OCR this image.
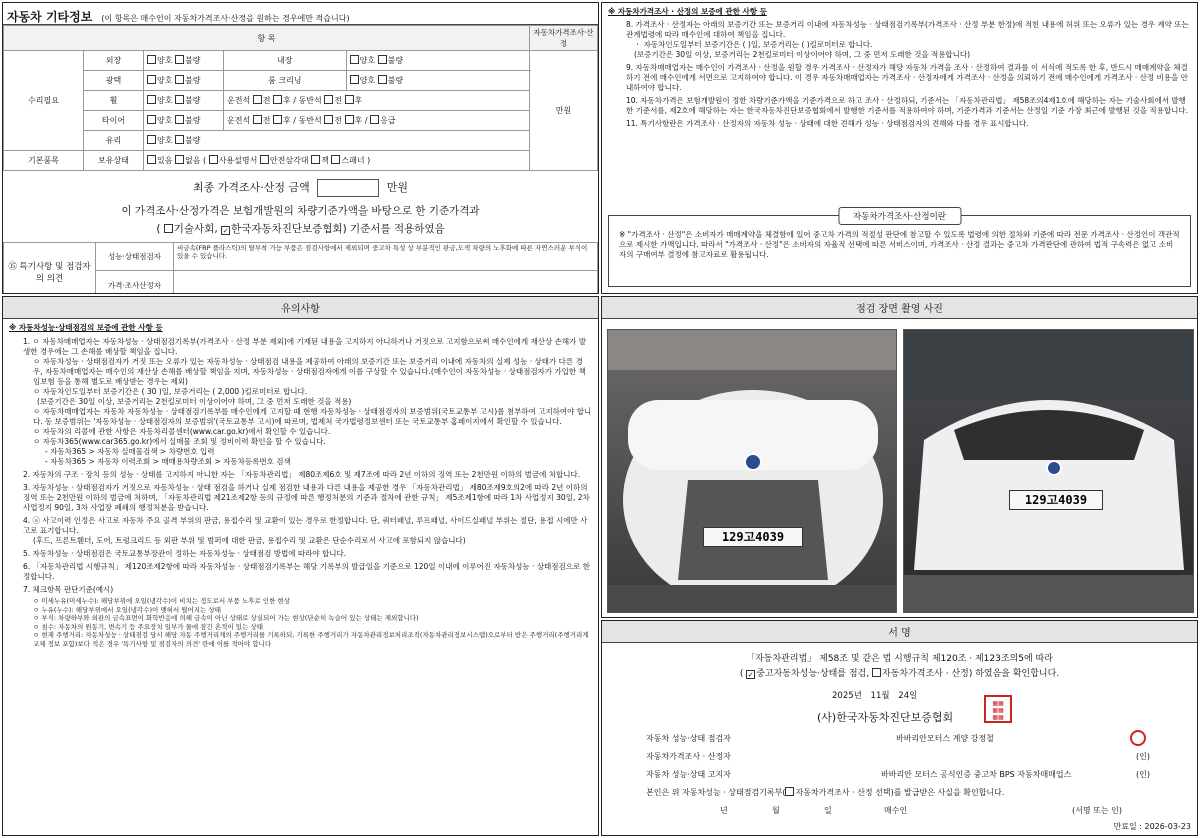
자동차 기타정보 (이 항목은 매수인이 자동차가격조사·산정을 원하는 경우에만 적습니다)
항 목					자동차가격조사·산정
수리필요	외장	양호 불량	내장	양호 불량	만원
	광택	양호 불량	룸 크리닝	양호 불량	
	휠	양호 불량	운전석 전 후 / 동반석 전 후		
	타이어	양호 불량	운전석 전 후 / 동반석 전 후 / 응급		
	유리	양호 불량			
기본품목	보유상태	있음 없음 ( 사용설명서 안전삼각대 잭 스패너 )			
최종 가격조사·산정 금액	만원
이 가격조사·산정가격은 보험개발원의 차량기준가액을 바탕으로 한 기준가격과
( 기술사회, ✓ 한국자동차진단보증협회) 기준서를 적용하였음
⑮ 특기사항 및 점검자의 의견	성능·상태점검자	비금속(FRP 플라스틱)의 탈부착 가능 부품은 점검사항에서 제외되며 중고차 특성 상 부분적인 판금,도색 차량의 노후화에 따른 자연스러운 부식이 있을 수 있습니다.
	가격·조사산정자	
※ 자동차가격조사 · 산정의 보증에 관한 사항 등

8. 가격조사 · 산정자는 아래의 보증기간 또는 보증거리 이내에 자동차성능 · 상태점검기록부(가격조사 · 산정 부분 한정)에 적힌 내용에 허위 또는 오류가 있는 경우 계약 또는 관계법령에 따라 매수인에 대하여 책임을 집니다.

ㆍ 자동차인도일부터 보증기간은 ( )일, 보증거리는 ( )킬로미터로 합니다.

(보증기간은 30일 이상, 보증거리는 2천킬로미터 이상이어야 하며, 그 중 먼저 도래한 것을 적용합니다)

9. 자동차매매업자는 매수인이 가격조사 · 산정을 원할 경우 가격조사 · 산정자가 해당 자동차 가격을 조사 · 산정하여 결과를 이 서식에 적도록 한 후, 반드시 매매계약을 체결하기 전에 매수인에게 서면으로 고지하여야 합니다. 이 경우 자동차매매업자는 가격조사 · 산정자에게 가격조사 · 산정을 의뢰하기 전에 매수인에게 가격조사 · 산정 비용을 안내하여야 합니다.

10. 자동차가격은 보험개발원이 정한 차량기준가액을 기준가격으로 하고 조사 · 산정하되, 기준서는 「자동차관리법」 제58조의4제1호에 해당하는 자는 기술사회에서 발행한 기준서를, 제2호에 해당하는 자는 한국자동차진단보증협회에서 발행한 기준서를 적용하여야 하며, 기준가격과 기준서는 산정일 기준 가장 최근에 발행된 것을 적용합니다.

11. 특기사항란은 가격조사 · 산정자의 자동차 성능 · 상태에 대한 견해가 성능 · 상태점검자의 견해와 다를 경우 표시합니다.

자동차가격조사·산정이란
※ "가격조사 · 산정"은 소비자가 매매계약을 체결함에 있어 중고차 가격의 적절성 판단에 참고할 수 있도록 법령에 의한 절차와 기준에 따라 전문 가격조사 · 산정인이 객관적으로 제시한 가액입니다. 따라서 "가격조사 · 산정"은 소비자의 자율적 선택에 따른 서비스이며, 가격조사 · 산정 결과는 중고차 가격판단에 관하여 법적 구속력은 없고 소비자의 구매여부 결정에 참고자료로 활용됩니다.
유의사항
※ 자동차성능·상태점검의 보증에 관한 사항 등

1. ㅇ 자동차매매업자는 자동차성능 · 상태점검기록부(가격조사 · 산정 부분 제외)에 기재된 내용을 고지하지 아니하거나 거짓으로 고지함으로써 매수인에게 재산상 손해가 발생한 경우에는 그 손해를 배상할 책임을 집니다.

ㅇ 자동차성능 · 상태점검자가 거짓 또는 오류가 있는 자동차성능 · 상태점검 내용을 제공하여 아래의 보증기간 또는 보증거리 이내에 자동차의 실제 성능 · 상태가 다른 경우, 자동차매매업자는 매수인의 재산상 손해를 배상할 책임을 지며, 자동차성능 · 상태점검자에게 이를 구상할 수 있습니다.(매수인이 자동차성능 · 상태점검자가 가입한 책임보험 등을 통해 별도로 배상받는 경우는 제외)

ㅇ 자동차인도일부터 보증기간은 ( 30 )일, 보증거리는 ( 2,000 )킬로미터로 합니다.

(보증기간은 30일 이상, 보증거리는 2천킬로미터 이상이어야 하며, 그 중 먼저 도래한 것을 적용)

ㅇ 자동차매매업자는 자동차 자동차성능 · 상태점검기록부를 매수인에게 고지할 때 현행 자동차성능 · 상태점검자의 보증범위(국토교통부 고시)를 첨부하여 고지하여야 합니다. 동 보증범위는 '자동차성능 · 상태점검자의 보증범위'(국토교통부 고시)에 따르며, 법제처 국가법령정보센터 또는 국토교통부 홈페이지에서 확인할 수 있습니다.

ㅇ 자동차의 리콜에 관한 사항은 자동차리콜센터(www.car.go.kr)에서 확인할 수 있습니다.

ㅇ 자동차365(www.car365.go.kr)에서 실매물 조회 및 정비이력 확인을 할 수 있습니다.

- 자동차365 > 자동차 실매물검색 > 차량번호 입력

- 자동차365 > 자동차 이력조회 > 매매용차량조회 > 자동차등록번호 검색

2. 자동차의 구조 · 장치 등의 성능 · 상태를 고지하지 아니한 자는 「자동차관리법」 제80조제6호 및 제7조에 따라 2년 이하의 징역 또는 2천만원 이하의 벌금에 처합니다.

3. 자동차성능 · 상태점검자가 거짓으로 자동차성능 · 상태 점검을 하거나 실제 점검한 내용과 다른 내용을 제공한 경우 「자동차관리법」 제80조제9호의2에 따라 2년 이하의 징역 또는 2천만원 이하의 벌금에 처하며, 「자동차관리법 제21조제2항 등의 규정에 따른 행정처분의 기준과 절차에 관한 규칙」 제5조제1항에 따라 1차 사업정지 30일, 2차 사업정지 90일, 3차 사업장 폐쇄의 행정처분을 받습니다.

4. ⓐ 사고이력 인정은 사고로 자동차 주요 골격 부위의 판금, 용접수리 및 교환이 있는 경우로 한정합니다. 단, 쿼터패널, 루프패널, 사이드실패널 부위는 절단, 용접 시에만 사고로 표기합니다.

(후드, 프론트휀더, 도어, 트렁크리드 등 외판 부위 및 범퍼에 대한 판금, 용접수리 및 교환은 단순수리로서 사고에 포함되지 않습니다)

5. 자동차성능 · 상태점검은 국토교통부장관이 정하는 자동차성능 · 상태점검 방법에 따라야 합니다.

6. 「자동차관리법 시행규칙」 제120조제2항에 따라 자동차성능 · 상태점검기록부는 해당 기록부의 발급일을 기준으로 120일 이내에 이루어진 자동차성능 · 상태점검으로 한정합니다.

7. 체크항목 판단기준(예시)

ㅇ 미세누유(미세누수): 해당부위에 오일(냉각수)이 비치는 정도로서 부품 노후로 인한 현상

ㅇ 누유(누수): 해당부위에서 오일(냉각수)이 맺혀서 떨어지는 상태

ㅇ 부식: 차량하부와 외판의 금속표면이 화학반응에 의해 금속이 아닌 상태로 상실되어 가는 현상(단순히 녹슬어 있는 상태는 제외합니다)

ㅇ 침수: 자동차의 원동기, 변속기 등 주요장치 일부가 물에 잠긴 흔적이 있는 상태

ㅇ 현재 주행거리: 자동차성능 · 상태점검 당시 해당 자동 주행거리계의 주행거리를 기록하되, 기록한 주행거리가 자동차관리정보처리조직(자동차관리정보시스템)으로부터 받은 주행거리(주행거리계 교체 정보 포함)보다 적은 경우 '특기사항 및 점검자의 의견' 란에 이를 적어야 합니다

점검 장면 촬영 사진
129고4039
129고4039
서 명
「자동차관리법」 제58조 및 같은 법 시행규칙 제120조 · 제123조의5에 따라
( ✓ 중고자동차성능·상태를 점검, 자동차가격조사 · 산정) 하였음을 확인합니다.
2025년 11월 24일
(사)한국자동차진단보증협회
▦▦
▦▦
▦▦
자동차 성능·상태 점검자	바바리안모터스 계양 강정철
자동차가격조사 · 산정자	(인)
자동차 성능·상태 고지자	바바리안 모터스 공식인증 중고차 BPS 자동차매매업스	(인)
본인은 위 자동차성능 · 상태점검기록부( 자동차가격조사 · 산정 선택)를 발급받은 사실을 확인합니다.
년	월	일	매수인	(서명 또는 인)
만료일 : 2026-03-23
